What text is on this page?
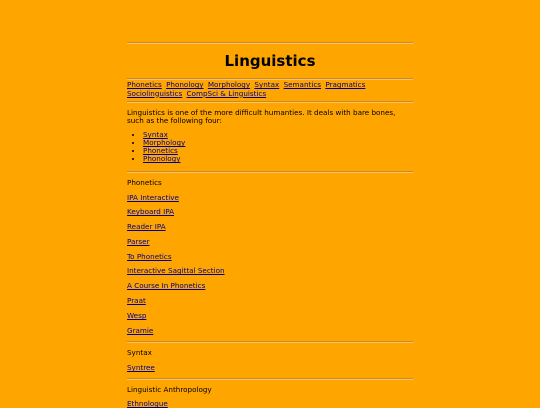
Linguistics
Phonetics Phonology Morphology Syntax Semantics Pragmatics Sociolinguistics CompSci & Linguistics
Linguistics is one of the more difficult humanties. It deals with bare bones, such as the following four:
• Syntax
• Morphology
• Phonetics
• Phonology
Phonetics
IPA Interactive
Keyboard IPA
Reader IPA
Parser
To Phonetics
Interactive Sagittal Section
A Course In Phonetics
Praat
Wesp
Gramie
Syntax
Syntree
Linguistic Anthropology
Ethnologue
